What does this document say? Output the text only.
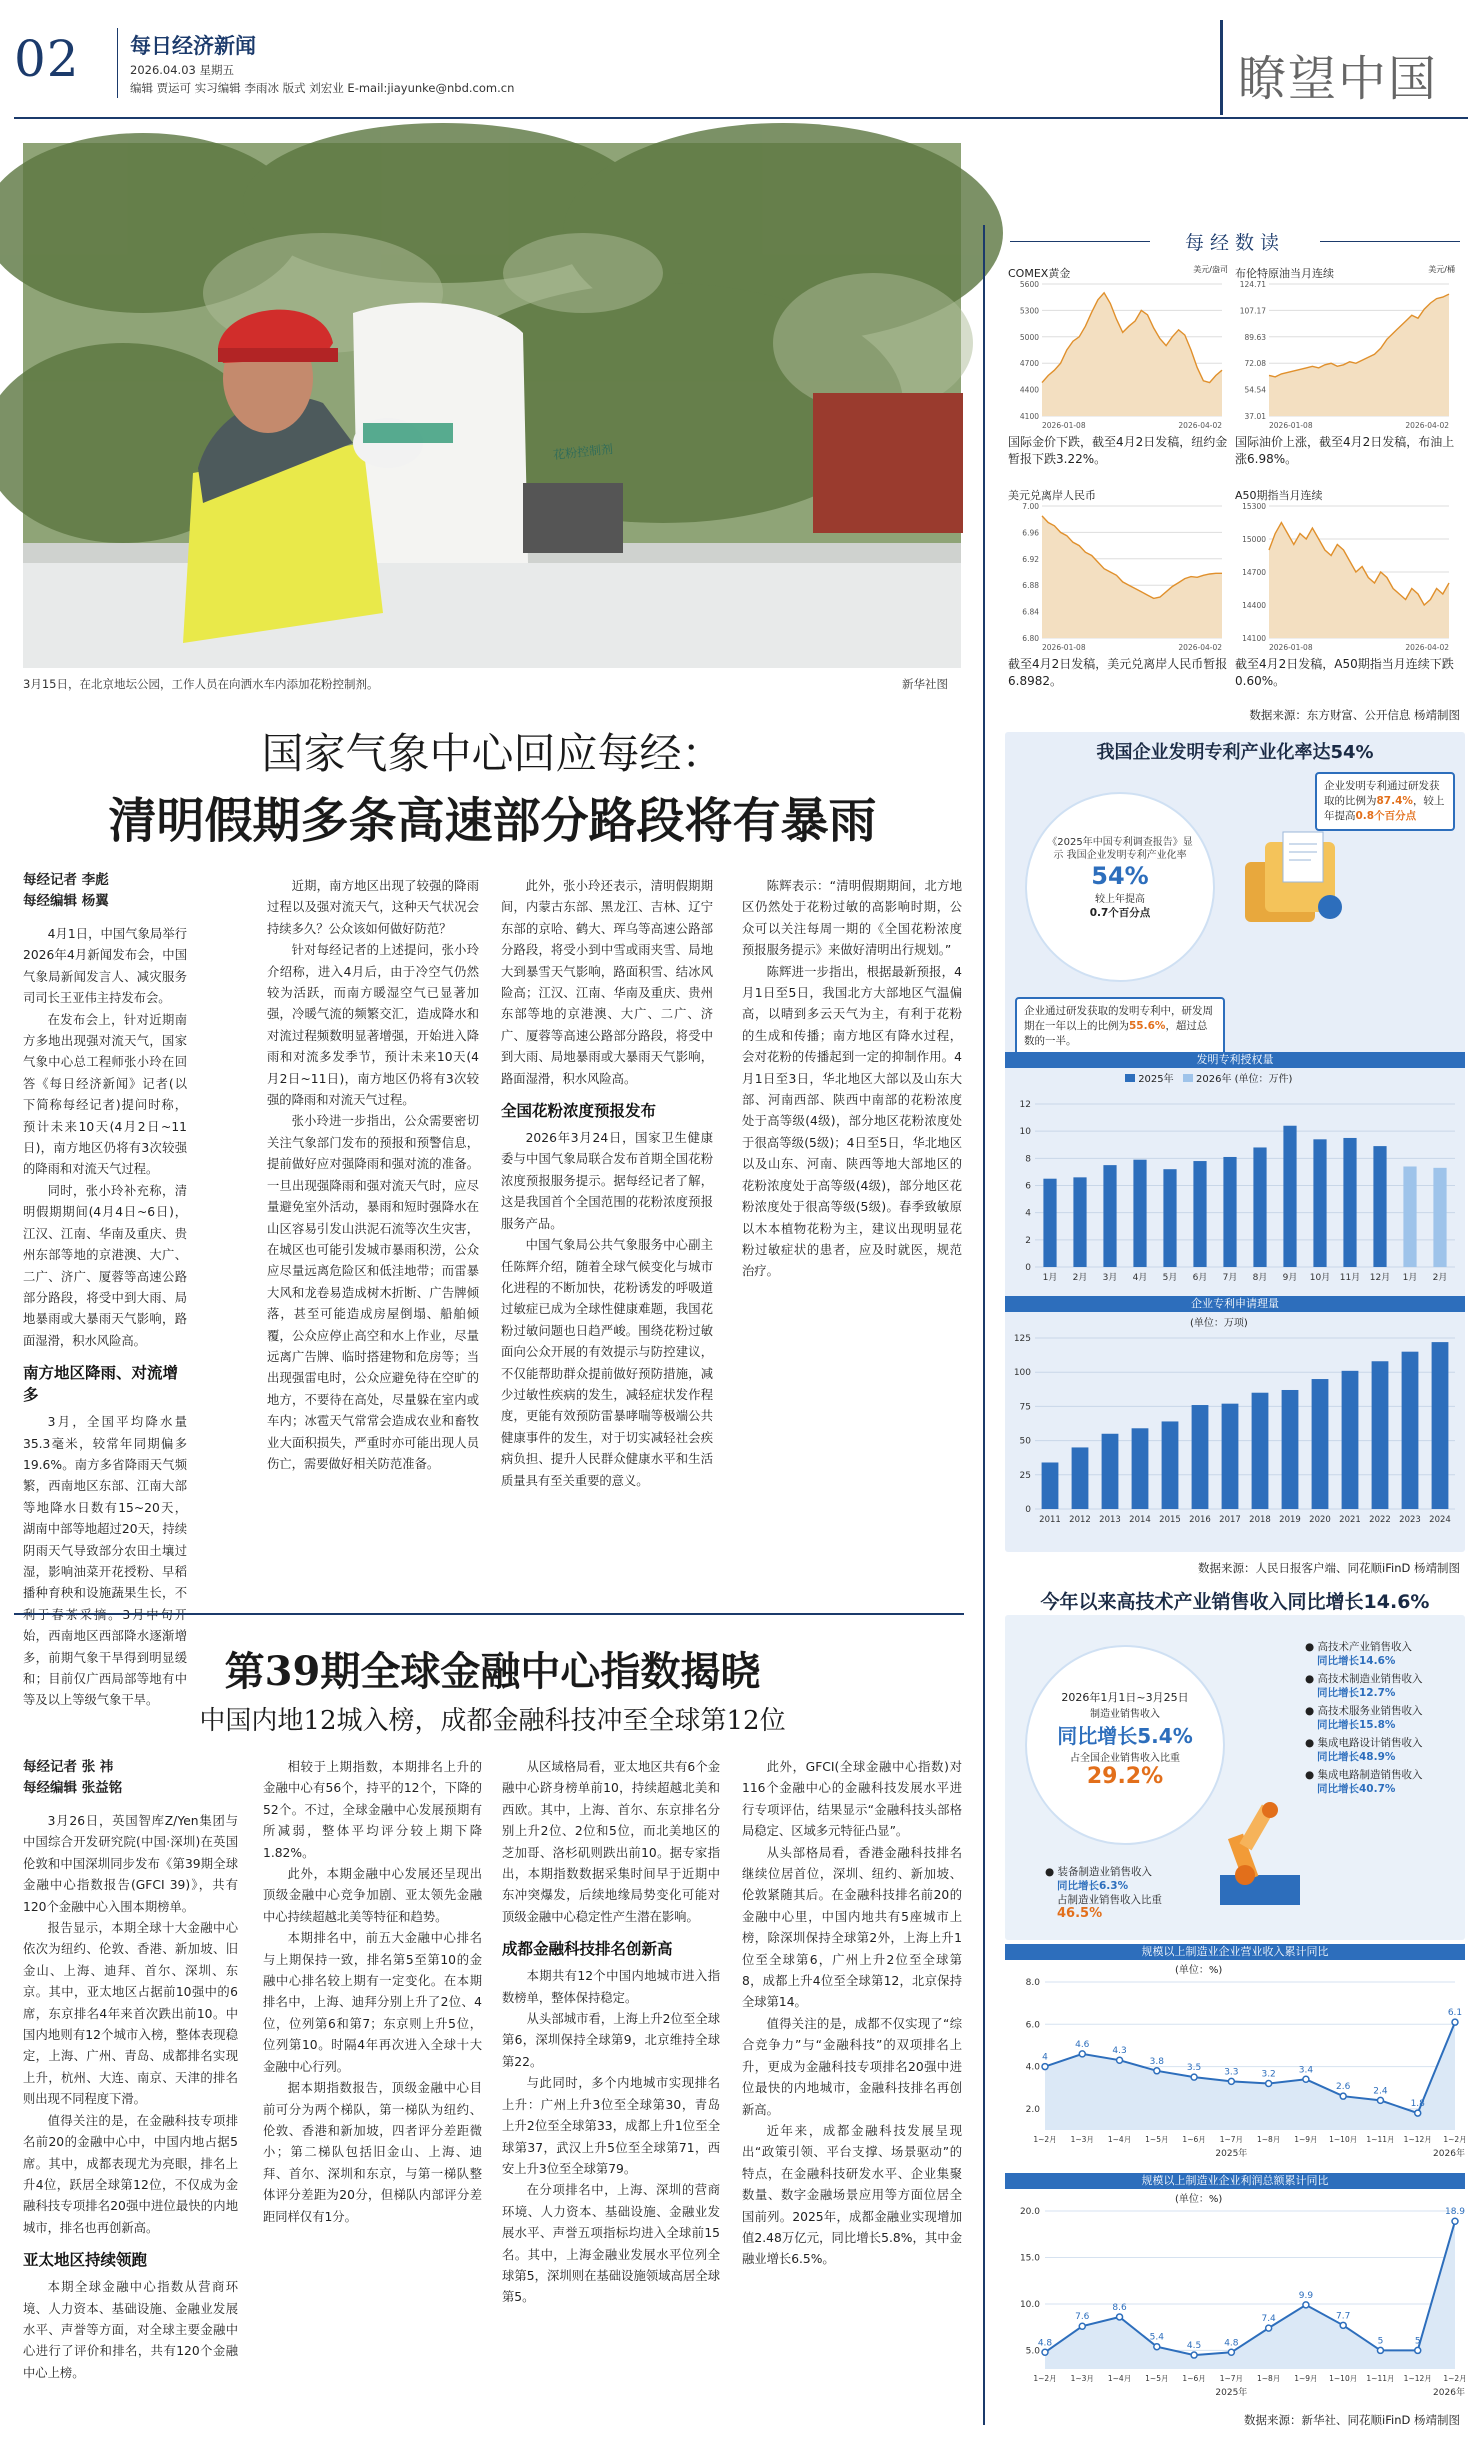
02 每日经济新闻
2026.04.03 星期五
编辑 贾运可 实习编辑 李雨冰 版式 刘宏业 E-mail:jiayunke@nbd.com.cn	瞭望中国
花粉控制剂
3月15日，在北京地坛公园，工作人员在向洒水车内添加花粉控制剂。	新华社图
国家气象中心回应每经：
清明假期多条高速部分路段将有暴雨
每经记者 李彪
每经编辑 杨翼

4月1日，中国气象局举行2026年4月新闻发布会，中国气象局新闻发言人、减灾服务司司长王亚伟主持发布会。

在发布会上，针对近期南方多地出现强对流天气，国家气象中心总工程师张小玲在回答《每日经济新闻》记者(以下简称每经记者)提问时称，预计未来10天(4月2日~11日)，南方地区仍将有3次较强的降雨和对流天气过程。

同时，张小玲补充称，清明假期期间(4月4日~6日)，江汉、江南、华南及重庆、贵州东部等地的京港澳、大广、二广、济广、厦蓉等高速公路部分路段，将受中到大雨、局地暴雨或大暴雨天气影响，路面湿滑，积水风险高。

南方地区降雨、对流增多

3月，全国平均降水量35.3毫米，较常年同期偏多19.6%。南方多省降雨天气频繁，西南地区东部、江南大部等地降水日数有15~20天，湖南中部等地超过20天，持续阴雨天气导致部分农田土壤过湿，影响油菜开花授粉、早稻播种育秧和设施蔬果生长，不 始，西南地区西部降水逐渐增多，前期气象干旱得到明显缓和；目前仅广西局部等地有中等及以上等级气象干旱。

近期，南方地区出现了较强的降雨过程以及强对流天气，这种天气状况会持续多久？公众该如何做好防范？

针对每经记者的上述提问，张小玲介绍称，进入4月后，由于冷空气仍然较为活跃，而南方暖湿空气已显著加强，冷暖气流的频繁交汇，造成降水和对流过程频数明显著增强，开始进入降雨和对流多发季节，预计未来10天(4月2日~11日)，南方地区仍将有3次较强的降雨和对流天气过程。

张小玲进一步指出，公众需要密切关注气象部门发布的预报和预警信息，提前做好应对强降雨和强对流的准备。一旦出现强降雨和强对流天气时，应尽量避免室外活动，暴雨和短时强降水在山区容易引发山洪泥石流等次生灾害，在城区也可能引发城市暴雨积涝，公众应尽量远离危险区和低洼地带；而雷暴大风和龙卷易造成树木折断、广告牌倾落，甚至可能造成房屋倒塌、船舶倾覆，公众应停止高空和水上作业，尽量远离广告牌、临时搭建物和危房等；当出现强雷电时，公众应避免待在空旷的地方，不要待在高处，尽量躲在室内或车内；冰雹天气常常会造成农业和畜牧业大面积损失，严重时亦可能出现人员伤亡，需要做好相关防范准备。

此外，张小玲还表示，清明假期期间，内蒙古东部、黑龙江、吉林、辽宁东部的京哈、鹤大、珲乌等高速公路部分路段，将受小到中雪或雨夹雪、局地大到暴雪天气影响，路面积雪、结冰风险高；江汉、江南、华南及重庆、贵州东部等地的京港澳、大广、二广、济广、厦蓉等高速公路部分路段，将受中到大雨、局地暴雨或大暴雨天气影响，路面湿滑，积水风险高。

全国花粉浓度预报发布

2026年3月24日，国家卫生健康委与中国气象局联合发布首期全国花粉浓度预报服务提示。据每经记者了解，这是我国首个全国范围的花粉浓度预报服务产品。

中国气象局公共气象服务中心副主任陈辉介绍，随着全球气候变化与城市化进程的不断加快，花粉诱发的呼吸道过敏症已成为全球性健康难题，我国花粉过敏问题也日趋严峻。围绕花粉过敏面向公众开展的有效提示与防控建议，不仅能帮助群众提前做好预防措施，减少过敏性疾病的发生，减轻症状发作程度，更能有效预防雷暴哮喘等极端公共健康事件的发生，对于切实减轻社会疾病负担、提升人民群众健康水平和生活质量具有至关重要的意义。

陈辉表示：“清明假期期间，北方地区仍然处于花粉过敏的高影响时期，公众可以关注每周一期的《全国花粉浓度预报服务提示》来做好清明出行规划。”

陈辉进一步指出，根据最新预报，4月1日至5日，我国北方大部地区气温偏高，以晴到多云天气为主，有利于花粉的生成和传播；南方地区有降水过程，会对花粉的传播起到一定的抑制作用。4月1日至3日，华北地区大部以及山东大部、河南西部、陕西中南部的花粉浓度处于高等级(4级)，部分地区花粉浓度处于很高等级(5级)；4日至5日，华北地区以及山东、河南、陕西等地大部地区的花粉浓度处于高等级(4级)，部分地区花粉浓度处于很高等级(5级)。春季致敏原以木本植物花粉为主，建议出现明显花粉过敏症状的患者，应及时就医，规范治疗。

第39期全球金融中心指数揭晓
中国内地12城入榜，成都金融科技冲至全球第12位
每经记者 张 祎
每经编辑 张益铭

3月26日，英国智库Z/Yen集团与中国综合开发研究院(中国·深圳)在英国伦敦和中国深圳同步发布《第39期全球金融中心指数报告(GFCI 39)》，共有120个金融中心入围本期榜单。

报告显示，本期全球十大金融中心依次为纽约、伦敦、香港、新加坡、旧金山、上海、迪拜、首尔、深圳、东京。其中，亚太地区占据前10强中的6席，东京排名4年来首次跌出前10。中国内地则有12个城市入榜，整体表现稳定，上海、广州、青岛、成都排名实现上升，杭州、大连、南京、天津的排名则出现不同程度下滑。

值得关注的是，在金融科技专项排名前20的金融中心中，中国内地占据5席。其中，成都表现尤为亮眼，排名上升4位，跃居全球第12位，不仅成为金融科技专项排名20强中进位最快的内地城市，排名也再创新高。

亚太地区持续领跑

本期全球金融中心指数从营商环境、人力资本、基础设施、金融业发展水平、声誉等方面，对全球主要金融中心进行了评价和排名，共有120个金融中心上榜。

相较于上期指数，本期排名上升的金融中心有56个，持平的12个，下降的52个。不过，全球金融中心发展预期有所减弱，整体平均评分较上期下降1.82%。

此外，本期金融中心发展还呈现出顶级金融中心竞争加剧、亚太领先金融中心持续超越北美等特征和趋势。

本期排名中，前五大金融中心排名与上期保持一致，排名第5至第10的金融中心排名较上期有一定变化。在本期排名中，上海、迪拜分别上升了2位、4位，位列第6和第7；东京则上升5位，位列第10。时隔4年再次进入全球十大金融中心行列。

据本期指数报告，顶级金融中心目前可分为两个梯队，第一梯队为纽约、伦敦、香港和新加坡，四者评分差距微小；第二梯队包括旧金山、上海、迪拜、首尔、深圳和东京，与第一梯队整体评分差距为20分，但梯队内部评分差距同样仅有1分。

从区域格局看，亚太地区共有6个金融中心跻身榜单前10，持续超越北美和西欧。其中，上海、首尔、东京排名分别上升2位、2位和5位，而北美地区的芝加哥、洛杉矶则跌出前10。据专家指出，本期指数数据采集时间早于近期中东冲突爆发，后续地缘局势变化可能对顶级金融中心稳定性产生潜在影响。

成都金融科技排名创新高

本期共有12个中国内地城市进入指数榜单，整体保持稳定。

从头部城市看，上海上升2位至全球第6，深圳保持全球第9，北京维持全球第22。

与此同时，多个内地城市实现排名上升：广州上升3位至全球第30，青岛上升2位至全球第33，成都上升1位至全球第37，武汉上升5位至全球第71，西安上升3位至全球第79。

在分项排名中，上海、深圳的营商环境、人力资本、基础设施、金融业发展水平、声誉五项指标均进入全球前15名。其中，上海金融业发展水平位列全球第5，深圳则在基础设施领域高居全球第5。

此外，GFCI(全球金融中心指数)对116个金融中心的金融科技发展水平进行专项评估，结果显示“金融科技头部格局稳定、区域多元特征凸显”。

从头部格局看，香港金融科技排名继续位居首位，深圳、纽约、新加坡、伦敦紧随其后。在金融科技排名前20的金融中心里，中国内地共有5座城市上榜，除深圳保持全球第2外，上海上升1位至全球第6，广州上升2位至全球第8，成都上升4位至全球第12，北京保持全球第14。

值得关注的是，成都不仅实现了“综合竞争力”与“金融科技”的双项排名上升，更成为金融科技专项排名20强中进位最快的内地城市，金融科技排名再创新高。

近年来，成都金融科技发展呈现出“政策引领、平台支撑、场景驱动”的特点，在金融科技研发水平、企业集聚数量、数字金融场景应用等方面位居全国前列。2025年，成都金融业实现增加值2.48万亿元，同比增长5.8%，其中金融业增长6.5%。

每经数读
COMEX黄金	美元/盎司
5600
5300
5000
4700
4400
4100
2026-01-08	2026-04-02
国际金价下跌，截至4月2日发稿，纽约金暂报下跌3.22%。
布伦特原油当月连续	美元/桶
124.71
107.17
89.63
72.08
54.54
37.01
2026-01-08	2026-04-02
国际油价上涨，截至4月2日发稿，布油上涨6.98%。
美元兑离岸人民币
7.00
6.96
6.92
6.88
6.84
6.80
2026-01-08	2026-04-02
截至4月2日发稿，美元兑离岸人民币暂报6.8982。
A50期指当月连续
15300
15000
14700
14400
14100
2026-01-08	2026-04-02
截至4月2日发稿，A50期指当月连续下跌0.60%。
数据来源：东方财富、公开信息 杨靖制图
我国企业发明专利产业化率达54%
《2025年中国专利调查报告》显示 我国企业发明专利产业化率
54%
较上年提高
0.7个百分点
企业发明专利通过研发获取的比例为87.4%，较上年提高0.8个百分点
企业通过研发获取的发明专利中，研发周期在一年以上的比例为55.6%，超过总数的一半。
发明专利授权量
2025年 2026年 (单位：万件)
12
10
8
6
4
2
0
1月 2月 3月 4月 5月 6月 7月 8月 9月 10月 11月 12月 1月 2月
企业专利申请理量
(单位：万项)
125
100
75
50
25
0
2011 2012 2013 2014 2015 2016 2017 2018 2019 2020 2021 2022 2023 2024
数据来源：人民日报客户端、同花顺iFinD 杨靖制图
今年以来高技术产业销售收入同比增长14.6%
2026年1月1日~3月25日
制造业销售收入
同比增长5.4%
占全国企业销售收入比重
29.2%
● 高技术产业销售收入
同比增长14.6%
● 高技术制造业销售收入
同比增长12.7%
● 高技术服务业销售收入
同比增长15.8%
● 集成电路设计销售收入
同比增长48.9%
● 集成电路制造销售收入
同比增长40.7%
● 装备制造业销售收入
同比增长6.3%
占制造业销售收入比重
46.5%
规模以上制造业企业营业收入累计同比
(单位：%)
8.0
6.0
4.0
2.0
4
4.6
4.3
3.8
3.5	3.3	3.2	3.4
2.6	2.4
1.8
6.1
1~2月 1~3月 1~4月 1~5月 1~6月 1~7月 1~8月 1~9月 1~10月 1~11月 1~12月 1~2月
2025年	2026年
规模以上制造业企业利润总额累计同比
(单位：%)
20.0
15.0
10.0
5.0
4.8
7.6
8.6
5.4
4.5	4.8
7.4
9.9
7.7
5	5
18.9
1~2月 1~3月 1~4月 1~5月 1~6月 1~7月 1~8月 1~9月 1~10月 1~11月 1~12月 1~2月
2025年	2026年
数据来源：新华社、同花顺iFinD 杨靖制图
